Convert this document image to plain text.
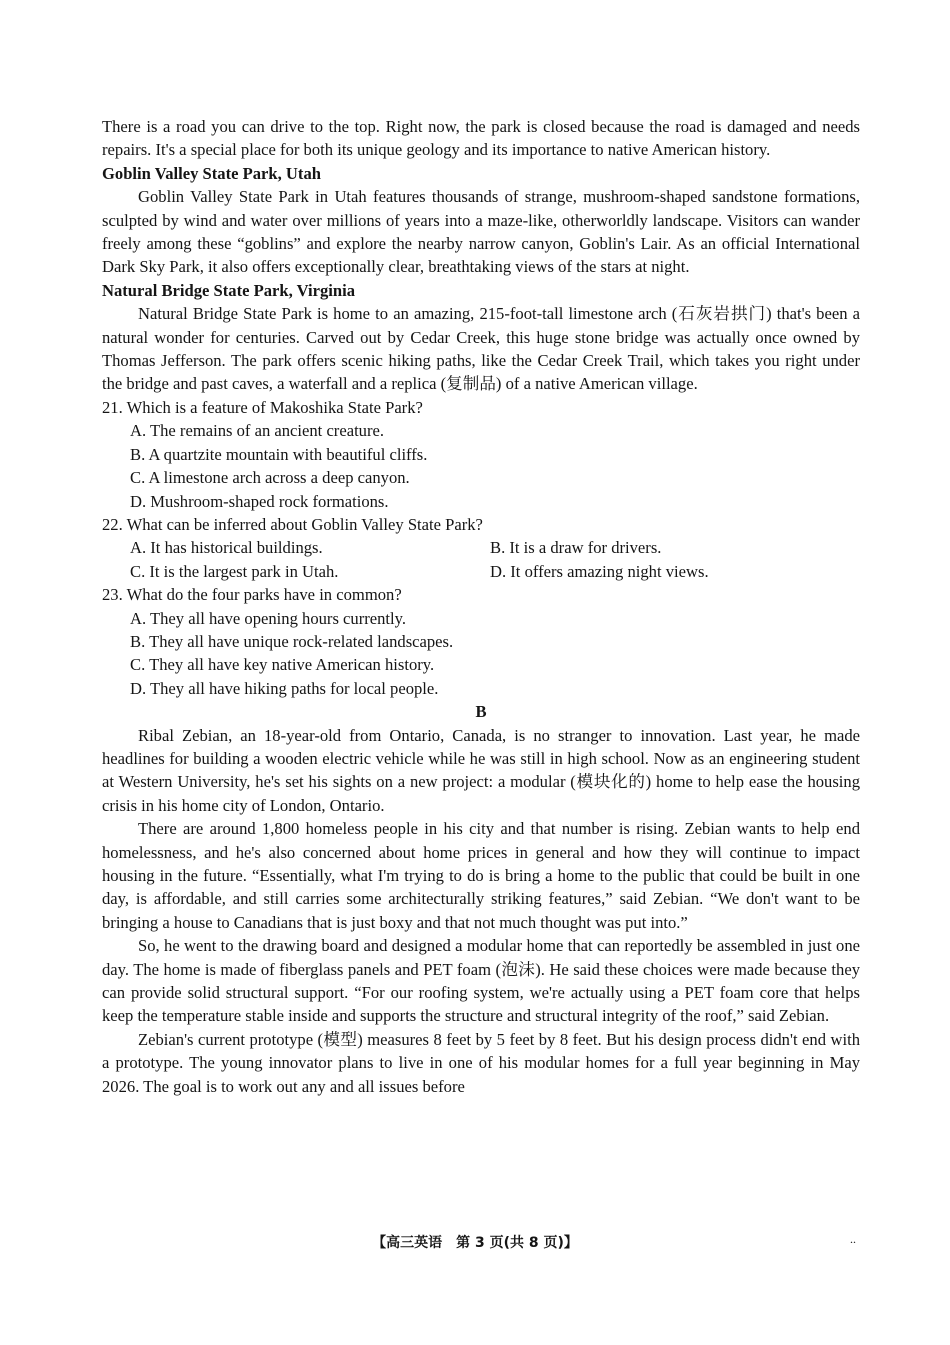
There is a road you can drive to the top. Right now, the park is closed because the road is damaged and needs repairs. It's a special place for both its unique geology and its importance to native American history.

Goblin Valley State Park, Utah

Goblin Valley State Park in Utah features thousands of strange, mushroom-shaped sandstone formations, sculpted by wind and water over millions of years into a maze-like, otherworldly landscape. Visitors can wander freely among these “goblins” and explore the nearby narrow canyon, Goblin's Lair. As an official International Dark Sky Park, it also offers exceptionally clear, breathtaking views of the stars at night.

Natural Bridge State Park, Virginia

Natural Bridge State Park is home to an amazing, 215-foot-tall limestone arch (石灰岩拱门) that's been a natural wonder for centuries. Carved out by Cedar Creek, this huge stone bridge was actually once owned by Thomas Jefferson. The park offers scenic hiking paths, like the Cedar Creek Trail, which takes you right under the bridge and past caves, a waterfall and a replica (复制品) of a native American village.

21. Which is a feature of Makoshika State Park?

A. The remains of an ancient creature.

B. A quartzite mountain with beautiful cliffs.

C. A limestone arch across a deep canyon.

D. Mushroom-shaped rock formations.

22. What can be inferred about Goblin Valley State Park?

A. It has historical buildings.	B. It is a draw for drivers.
C. It is the largest park in Utah.	D. It offers amazing night views.

23. What do the four parks have in common?

A. They all have opening hours currently.

B. They all have unique rock-related landscapes.

C. They all have key native American history.

D. They all have hiking paths for local people.

B

Ribal Zebian, an 18-year-old from Ontario, Canada, is no stranger to innovation. Last year, he made headlines for building a wooden electric vehicle while he was still in high school. Now as an engineering student at Western University, he's set his sights on a new project: a modular (模块化的) home to help ease the housing crisis in his home city of London, Ontario.

There are around 1,800 homeless people in his city and that number is rising. Zebian wants to help end homelessness, and he's also concerned about home prices in general and how they will continue to impact housing in the future. “Essentially, what I'm trying to do is bring a home to the public that could be built in one day, is affordable, and still carries some architecturally striking features,” said Zebian. “We don't want to be bringing a house to Canadians that is just boxy and that not much thought was put into.”

So, he went to the drawing board and designed a modular home that can reportedly be assembled in just one day. The home is made of fiberglass panels and PET foam (泡沫). He said these choices were made because they can provide solid structural support. “For our roofing system, we're actually using a PET foam core that helps keep the temperature stable inside and supports the structure and structural integrity of the roof,” said Zebian.

Zebian's current prototype (模型) measures 8 feet by 5 feet by 8 feet. But his design process didn't end with a prototype. The young innovator plans to live in one of his modular homes for a full year beginning in May 2026. The goal is to work out any and all issues before

【高三英语　第 3 页(共 8 页)】	..
